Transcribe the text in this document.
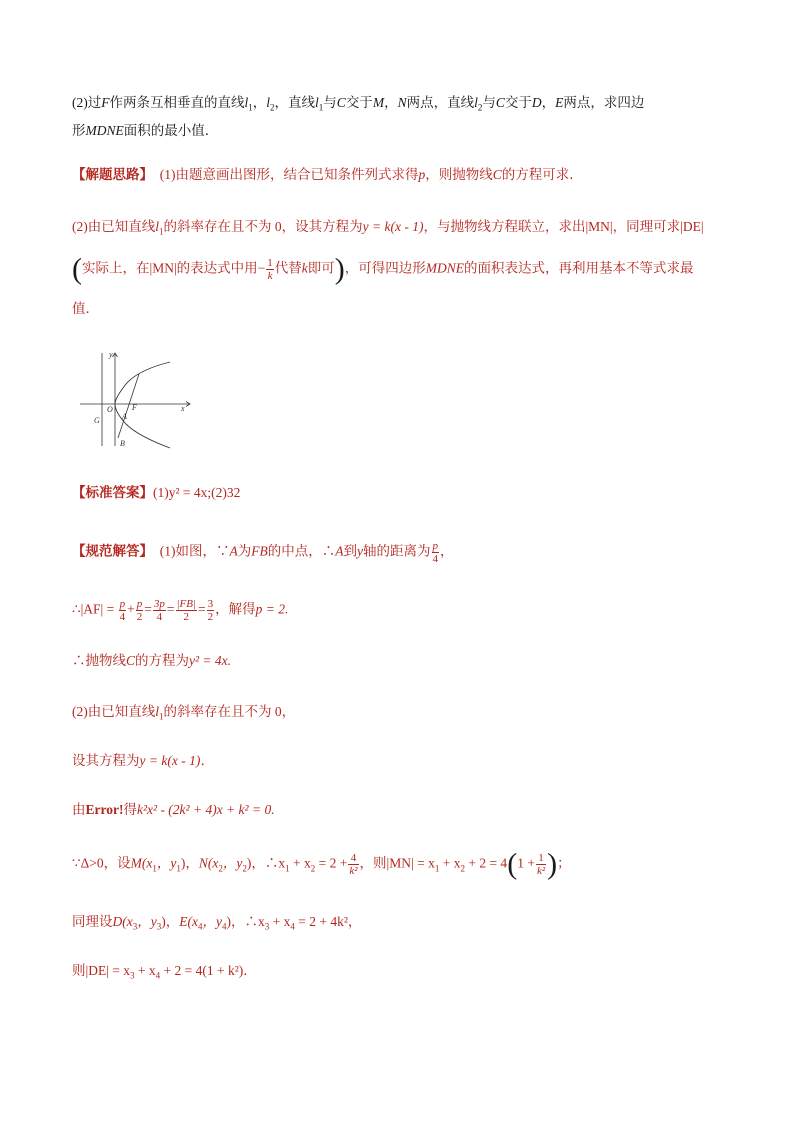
(2)过F作两条互相垂直的直线$l_1$，$l_2$，直线$l_1$与C交于M，N两点，直线$l_2$与C交于D，E两点，求四边
形MDNE面积的最小值．
【解题思路】 (1)由题意画出图形，结合已知条件列式求得p，则抛物线C的方程可求．
(2)由已知直线$l_1$的斜率存在且不为 0，设其方程为y = k(x - 1)，与抛物线方程联立，求出|MN|，同理可求|DE|
(实际上，在|MN|的表达式中用− $\frac{1}{k}$ 代替k即可)，可得四边形MDNE的面积表达式，再利用基本不等式求最
值．
y
x
O F
A
G
B
【标准答案】(1)y² = 4x;(2)32
【规范解答】 (1)如图，∵A为FB的中点，∴A到y轴的距离为 $\frac{p}{4}$ ，
∴|AF| = $\frac{p}{4} + \frac{p}{2} = \frac{3p}{4} = \frac{|FB|}{2} = \frac{3}{2}$ ，解得p = 2.
∴抛物线C的方程为y² = 4x.
(2)由已知直线$l_1$的斜率存在且不为 0，
设其方程为y = k(x - 1)．
由Error!得k²x² - (2k² + 4)x + k² = 0.
∵Δ>0，设$M(x_1$，$y_1$)，$N(x_2$，$y_2$)，$\therefore x_1 + x_2 = 2 + \frac{4}{\text{k²}}$ ，则$|MN| = x_1 + x_2 + 2 = 4(1 + \frac{1}{\text{k²}}$ )；
同理设$D(x_3$，$y_3$)，$E(x_4$，$y_4$)，$\therefore x_3 + x_4 = 2 + 4k^2$，
则$|DE| = x_3 + x_4 + 2 = 4(1 + k^2)$．
